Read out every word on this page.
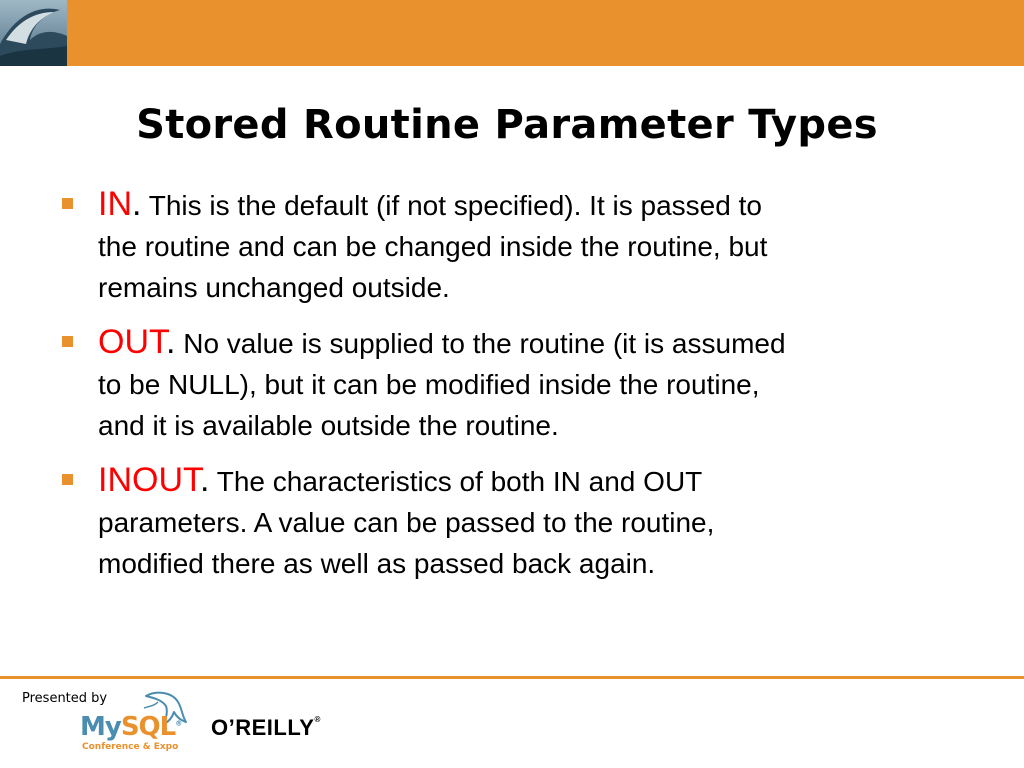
Stored Routine Parameter Types
IN. This is the default (if not specified). It is passed to
the routine and can be changed inside the routine, but
remains unchanged outside.
OUT. No value is supplied to the routine (it is assumed
to be NULL), but it can be modified inside the routine,
and it is available outside the routine.
INOUT. The characteristics of both IN and OUT
parameters. A value can be passed to the routine,
modified there as well as passed back again.
Presented by
MySQL®
Conference & Expo
O’REILLY®
